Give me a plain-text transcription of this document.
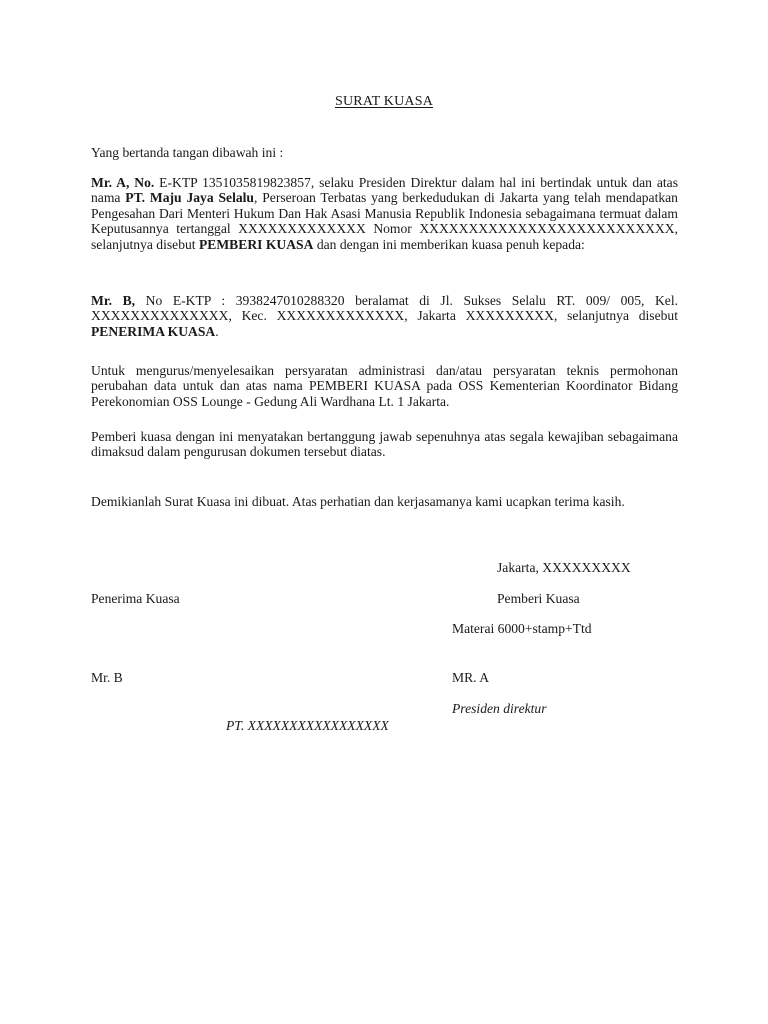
SURAT KUASA

Yang bertanda tangan dibawah ini :

Mr. A, No. E-KTP 1351035819823857, selaku Presiden Direktur dalam hal ini bertindak untuk dan atas nama PT. Maju Jaya Selalu, Perseroan Terbatas yang berkedudukan di Jakarta yang telah mendapatkan Pengesahan Dari Menteri Hukum Dan Hak Asasi Manusia Republik Indonesia sebagaimana termuat dalam Keputusannya tertanggal XXXXXXXXXXXXX Nomor XXXXXXXXXXXXXXXXXXXXXXXXXX, selanjutnya disebut PEMBERI KUASA dan dengan ini memberikan kuasa penuh kepada:

Mr. B, No E-KTP : 3938247010288320 beralamat di Jl. Sukses Selalu RT. 009/ 005, Kel. XXXXXXXXXXXXXX, Kec. XXXXXXXXXXXXX, Jakarta XXXXXXXXX, selanjutnya disebut PENERIMA KUASA.

Untuk mengurus/menyelesaikan persyaratan administrasi dan/atau persyaratan teknis permohonan perubahan data untuk dan atas nama PEMBERI KUASA pada OSS Kementerian Koordinator Bidang Perekonomian OSS Lounge - Gedung Ali Wardhana Lt. 1 Jakarta.

Pemberi kuasa dengan ini menyatakan bertanggung jawab sepenuhnya atas segala kewajiban sebagaimana dimaksud dalam pengurusan dokumen tersebut diatas.

Demikianlah Surat Kuasa ini dibuat. Atas perhatian dan kerjasamanya kami ucapkan terima kasih.

Jakarta, XXXXXXXXX
Penerima Kuasa	Pemberi Kuasa
Materai 6000+stamp+Ttd
Mr. B	MR. A
Presiden direktur
PT. XXXXXXXXXXXXXXXXX
